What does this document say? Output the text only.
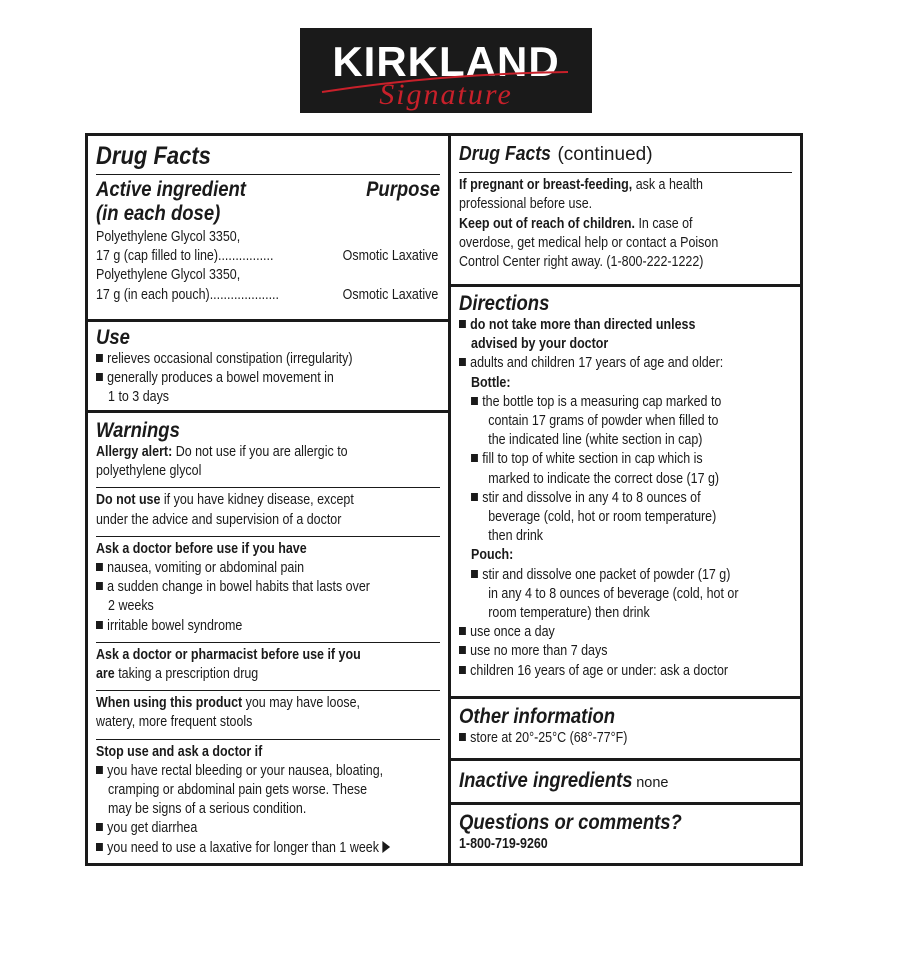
KIRKLAND
Signature
Drug Facts
Active ingredient	Purpose
(in each dose)
Polyethylene Glycol 3350,
17 g (cap filled to line) ................	Osmotic Laxative
Polyethylene Glycol 3350,
17 g (in each pouch) ....................	Osmotic Laxative
Use
relieves occasional constipation (irregularity)
generally produces a bowel movement in
1 to 3 days
Warnings
Allergy alert: Do not use if you are allergic to
polyethylene glycol
Do not use if you have kidney disease, except
under the advice and supervision of a doctor
Ask a doctor before use if you have
nausea, vomiting or abdominal pain
a sudden change in bowel habits that lasts over
2 weeks
irritable bowel syndrome
Ask a doctor or pharmacist before use if you
are taking a prescription drug
When using this product you may have loose,
watery, more frequent stools
Stop use and ask a doctor if
you have rectal bleeding or your nausea, bloating,
cramping or abdominal pain gets worse. These
may be signs of a serious condition.
you get diarrhea
you need to use a laxative for longer than 1 week
Drug Facts (continued)
If pregnant or breast-feeding, ask a health
professional before use.
Keep out of reach of children. In case of
overdose, get medical help or contact a Poison
Control Center right away. (1-800-222-1222)
Directions
do not take more than directed unless
advised by your doctor
adults and children 17 years of age and older:
Bottle:
the bottle top is a measuring cap marked to
contain 17 grams of powder when filled to
the indicated line (white section in cap)
fill to top of white section in cap which is
marked to indicate the correct dose (17 g)
stir and dissolve in any 4 to 8 ounces of
beverage (cold, hot or room temperature)
then drink
Pouch:
stir and dissolve one packet of powder (17 g)
in any 4 to 8 ounces of beverage (cold, hot or
room temperature) then drink
use once a day
use no more than 7 days
children 16 years of age or under: ask a doctor
Other information
store at 20°-25°C (68°-77°F)
Inactive ingredients none
Questions or comments?
1-800-719-9260
